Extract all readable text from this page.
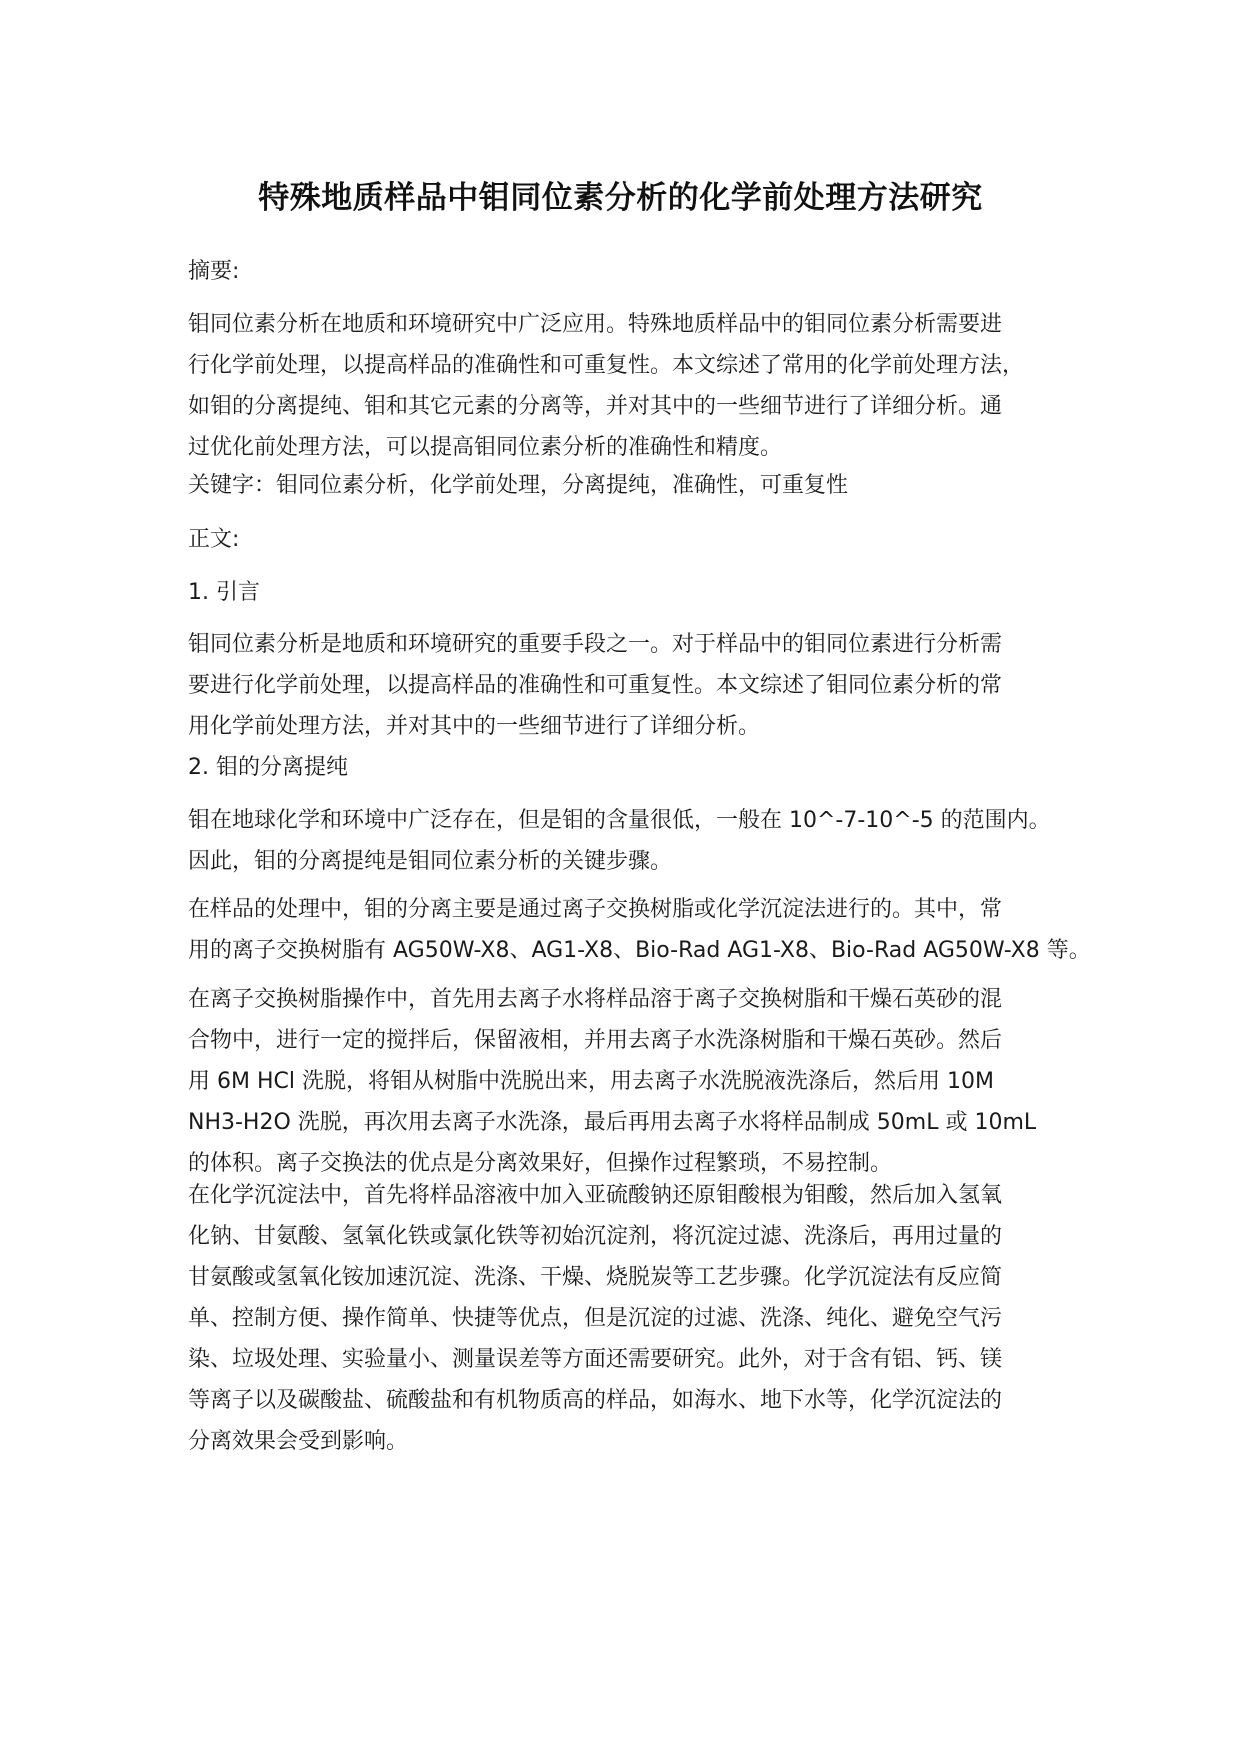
特殊地质样品中钼同位素分析的化学前处理方法研究
摘要:
钼同位素分析在地质和环境研究中广泛应用。特殊地质样品中的钼同位素分析需要进
行化学前处理，以提高样品的准确性和可重复性。本文综述了常用的化学前处理方法，
如钼的分离提纯、钼和其它元素的分离等，并对其中的一些细节进行了详细分析。通
过优化前处理方法，可以提高钼同位素分析的准确性和精度。
关键字：钼同位素分析，化学前处理，分离提纯，准确性，可重复性
正文:
1. 引言
钼同位素分析是地质和环境研究的重要手段之一。对于样品中的钼同位素进行分析需
要进行化学前处理，以提高样品的准确性和可重复性。本文综述了钼同位素分析的常
用化学前处理方法，并对其中的一些细节进行了详细分析。
2. 钼的分离提纯
钼在地球化学和环境中广泛存在，但是钼的含量很低，一般在 10^-7-10^-5 的范围内。
因此，钼的分离提纯是钼同位素分析的关键步骤。
在样品的处理中，钼的分离主要是通过离子交换树脂或化学沉淀法进行的。其中，常
用的离子交换树脂有 AG50W-X8、AG1-X8、Bio-Rad AG1-X8、Bio-Rad AG50W-X8 等。
在离子交换树脂操作中，首先用去离子水将样品溶于离子交换树脂和干燥石英砂的混
合物中，进行一定的搅拌后，保留液相，并用去离子水洗涤树脂和干燥石英砂。然后
用 6M HCl 洗脱，将钼从树脂中洗脱出来，用去离子水洗脱液洗涤后，然后用 10M
NH3-H2O 洗脱，再次用去离子水洗涤，最后再用去离子水将样品制成 50mL 或 10mL
的体积。离子交换法的优点是分离效果好，但操作过程繁琐，不易控制。
在化学沉淀法中，首先将样品溶液中加入亚硫酸钠还原钼酸根为钼酸，然后加入氢氧
化钠、甘氨酸、氢氧化铁或氯化铁等初始沉淀剂，将沉淀过滤、洗涤后，再用过量的
甘氨酸或氢氧化铵加速沉淀、洗涤、干燥、烧脱炭等工艺步骤。化学沉淀法有反应简
单、控制方便、操作简单、快捷等优点，但是沉淀的过滤、洗涤、纯化、避免空气污
染、垃圾处理、实验量小、测量误差等方面还需要研究。此外，对于含有铝、钙、镁
等离子以及碳酸盐、硫酸盐和有机物质高的样品，如海水、地下水等，化学沉淀法的
分离效果会受到影响。
